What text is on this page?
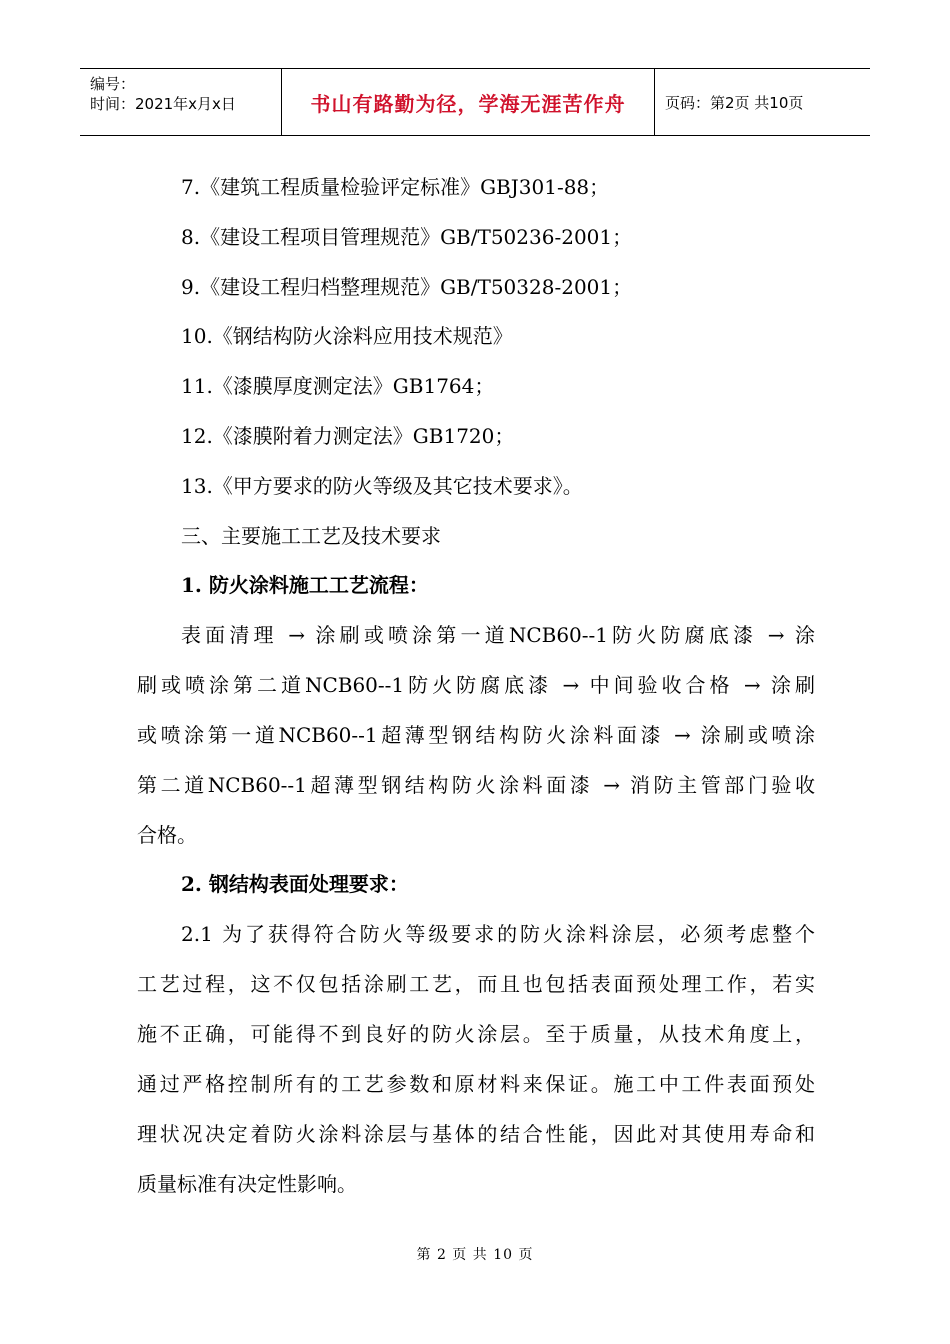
编号：
时间：2021年x月x日	书山有路勤为径，学海无涯苦作舟	页码：第2页 共10页
7.《建筑工程质量检验评定标准》GBJ301-88；
8.《建设工程项目管理规范》GB/T50236-2001；
9.《建设工程归档整理规范》GB/T50328-2001；
10.《钢结构防火涂料应用技术规范》
11.《漆膜厚度测定法》GB1764；
12.《漆膜附着力测定法》GB1720；
13.《甲方要求的防火等级及其它技术要求》。
三、主要施工工艺及技术要求
1. 防火涂料施工工艺流程：
表面清理 → 涂刷或喷涂第一道NCB60--1防火防腐底漆 → 涂
刷或喷涂第二道NCB60--1防火防腐底漆 → 中间验收合格 → 涂刷
或喷涂第一道NCB60--1超薄型钢结构防火涂料面漆 → 涂刷或喷涂
第二道NCB60--1超薄型钢结构防火涂料面漆 → 消防主管部门验收
合格。
2. 钢结构表面处理要求：
2.1 为了获得符合防火等级要求的防火涂料涂层，必须考虑整个
工艺过程，这不仅包括涂刷工艺，而且也包括表面预处理工作，若实
施不正确，可能得不到良好的防火涂层。至于质量，从技术角度上，
通过严格控制所有的工艺参数和原材料来保证。施工中工件表面预处
理状况决定着防火涂料涂层与基体的结合性能，因此对其使用寿命和
质量标准有决定性影响。
第 2 页 共 10 页
